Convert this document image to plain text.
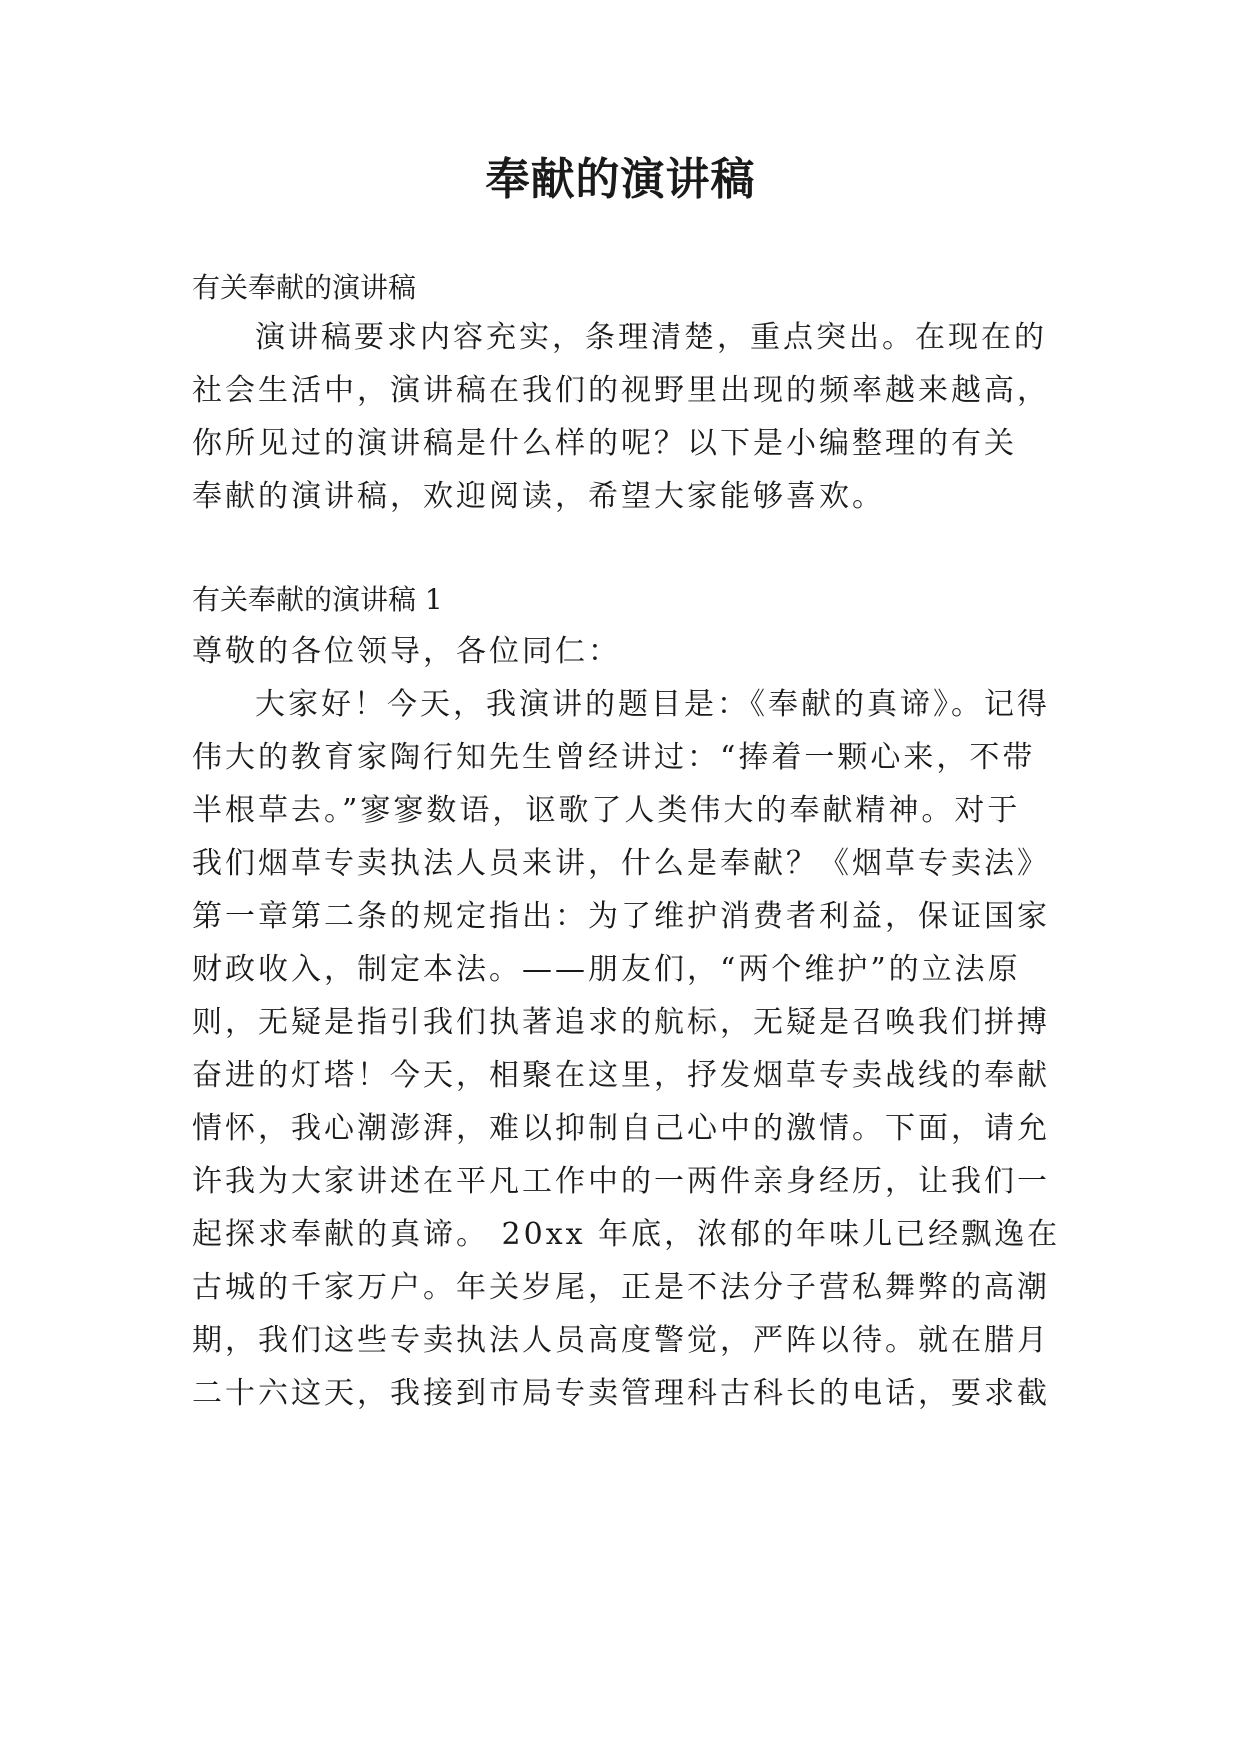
奉献的演讲稿

有关奉献的演讲稿

演讲稿要求内容充实，条理清楚，重点突出。在现在的

社会生活中，演讲稿在我们的视野里出现的频率越来越高，

你所见过的演讲稿是什么样的呢？以下是小编整理的有关

奉献的演讲稿，欢迎阅读，希望大家能够喜欢。

有关奉献的演讲稿 1

尊敬的各位领导，各位同仁：

大家好！今天，我演讲的题目是：《奉献的真谛》。记得

伟大的教育家陶行知先生曾经讲过：“捧着一颗心来，不带

半根草去。”寥寥数语，讴歌了人类伟大的奉献精神。对于

我们烟草专卖执法人员来讲，什么是奉献？《烟草专卖法》

第一章第二条的规定指出：为了维护消费者利益，保证国家

财政收入，制定本法。——朋友们，“两个维护”的立法原

则，无疑是指引我们执著追求的航标，无疑是召唤我们拼搏

奋进的灯塔！今天，相聚在这里，抒发烟草专卖战线的奉献

情怀，我心潮澎湃，难以抑制自己心中的激情。下面，请允

许我为大家讲述在平凡工作中的一两件亲身经历，让我们一

起探求奉献的真谛。 20xx 年底，浓郁的年味儿已经飘逸在

古城的千家万户。年关岁尾，正是不法分子营私舞弊的高潮

期，我们这些专卖执法人员高度警觉，严阵以待。就在腊月

二十六这天，我接到市局专卖管理科古科长的电话，要求截
